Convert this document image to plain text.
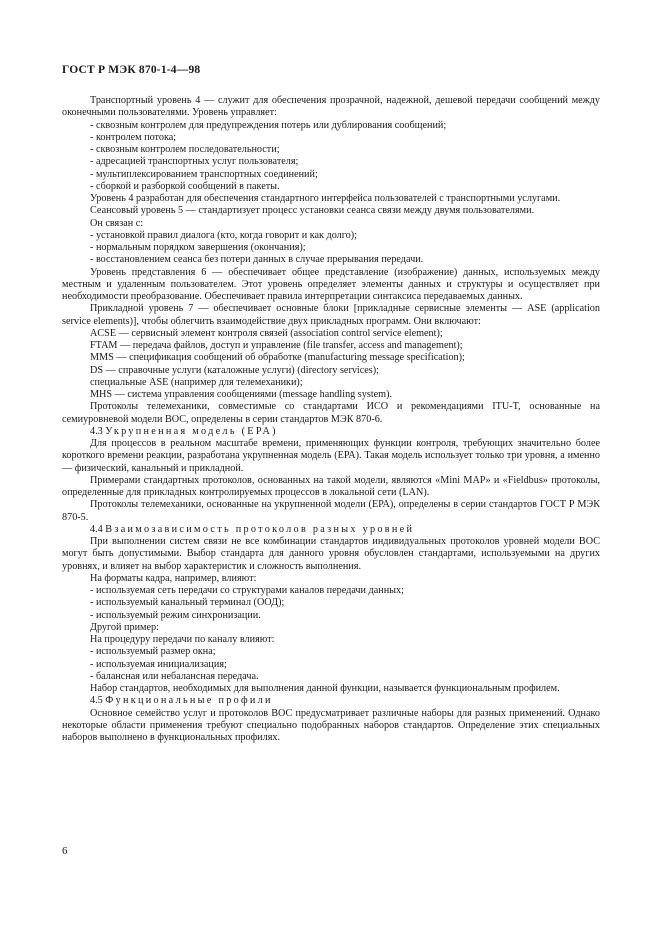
ГОСТ Р МЭК 870-1-4—98

Транспортный уровень 4 — служит для обеспечения прозрачной, надежной, дешевой передачи сообщений между оконечными пользователями. Уровень управляет:

- сквозным контролем для предупреждения потерь или дублирования сообщений;

- контролем потока;

- сквозным контролем последовательности;

- адресацией транспортных услуг пользователя;

- мультиплексированием транспортных соединений;

- сборкой и разборкой сообщений в пакеты.

Уровень 4 разработан для обеспечения стандартного интерфейса пользователей с транспортными услугами.

Сеансовый уровень 5 — стандартизует процесс установки сеанса связи между двумя пользователями.

Он связан с:

- установкой правил диалога (кто, когда говорит и как долго);

- нормальным порядком завершения (окончания);

- восстановлением сеанса без потери данных в случае прерывания передачи.

Уровень представления 6 — обеспечивает общее представление (изображение) данных, используемых между местным и удаленным пользователем. Этот уровень определяет элементы данных и структуры и осуществляет при необходимости преобразование. Обеспечивает правила интерпретации синтаксиса передаваемых данных.

Прикладной уровень 7 — обеспечивает основные блоки [прикладные сервисные элементы — ASE (application service elements)], чтобы облегчить взаимодействие двух прикладных программ. Они включают:

ACSE — сервисный элемент контроля связей (association control service element);

FTAM — передача файлов, доступ и управление (file transfer, access and management);

MMS — спецификация сообщений об обработке (manufacturing message specification);

DS — справочные услуги (каталожные услуги) (directory services);

специальные ASE (например для телемеханики);

MHS — система управления сообщениями (message handling system).

Протоколы телемеханики, совместимые со стандартами ИСО и рекомендациями ITU-T, основанные на семиуровневой модели ВОС, определены в серии стандартов МЭК 870-6.

4.3 Укрупненная модель (ЕРА)

Для процессов в реальном масштабе времени, применяющих функции контроля, требующих значительно более короткого времени реакции, разработана укрупненная модель (ЕРА). Такая модель использует только три уровня, а именно — физический, канальный и прикладной.

Примерами стандартных протоколов, основанных на такой модели, являются «Mini MAP» и «Fieldbus» протоколы, определенные для прикладных контролируемых процессов в локальной сети (LAN).

Протоколы телемеханики, основанные на укрупненной модели (ЕРА), определены в серии стандартов ГОСТ Р МЭК 870-5.

4.4 Взаимозависимость протоколов разных уровней

При выполнении систем связи не все комбинации стандартов индивидуальных протоколов уровней модели ВОС могут быть допустимыми. Выбор стандарта для данного уровня обусловлен стандартами, используемыми на других уровнях, и влияет на выбор характеристик и сложность выполнения.

На форматы кадра, например, влияют:

- используемая сеть передачи со структурами каналов передачи данных;

- используемый канальный терминал (ООД);

- используемый режим синхронизации.

Другой пример:

На процедуру передачи по каналу влияют:

- используемый размер окна;

- используемая инициализация;

- балансная или небалансная передача.

Набор стандартов, необходимых для выполнения данной функции, называется функциональным профилем.

4.5 Функциональные профили

Основное семейство услуг и протоколов ВОС предусматривает различные наборы для разных применений. Однако некоторые области применения требуют специально подобранных наборов стандартов. Определение этих специальных наборов выполнено в функциональных профилях.

6
